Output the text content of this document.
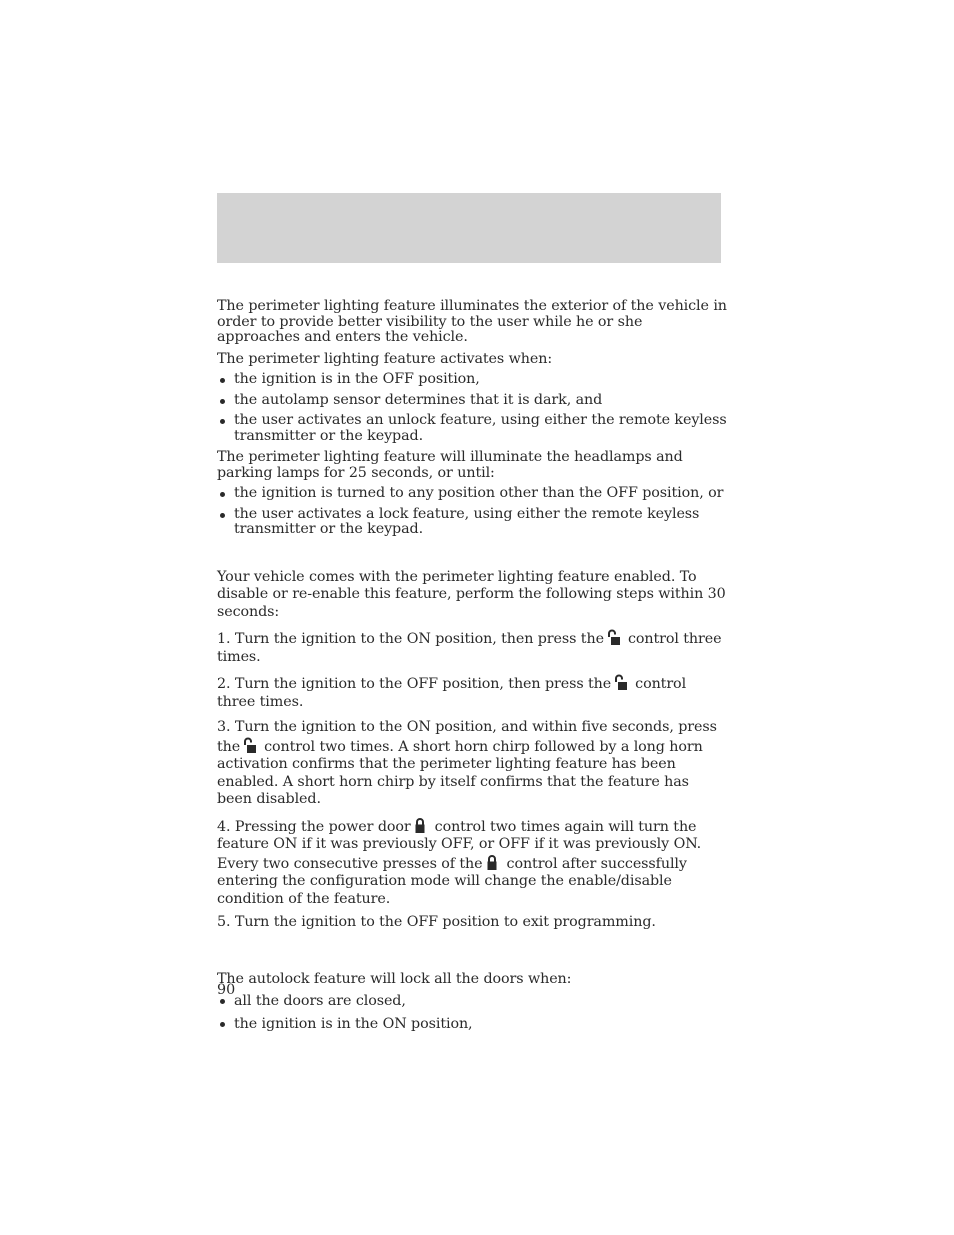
The perimeter lighting feature illuminates the exterior of the vehicle in order to provide better visibility to the user while he or she approaches and enters the vehicle.

The perimeter lighting feature activates when:

the ignition is in the OFF position,
the autolamp sensor determines that it is dark, and
the user activates an unlock feature, using either the remote keyless transmitter or the keypad.

The perimeter lighting feature will illuminate the headlamps and parking lamps for 25 seconds, or until:

the ignition is turned to any position other than the OFF position, or
the user activates a lock feature, using either the remote keyless transmitter or the keypad.

Your vehicle comes with the perimeter lighting feature enabled. To disable or re-enable this feature, perform the following steps within 30 seconds:

1. Turn the ignition to the ON position, then press the control three times.

2. Turn the ignition to the OFF position, then press the control three times.

3. Turn the ignition to the ON position, and within five seconds, press the control two times. A short horn chirp followed by a long horn activation confirms that the perimeter lighting feature has been enabled. A short horn chirp by itself confirms that the feature has been disabled.

4. Pressing the power door control two times again will turn the feature ON if it was previously OFF, or OFF if it was previously ON. Every two consecutive presses of the control after successfully entering the configuration mode will change the enable/disable condition of the feature.

5. Turn the ignition to the OFF position to exit programming.

The autolock feature will lock all the doors when:

all the doors are closed,
the ignition is in the ON position,
90
